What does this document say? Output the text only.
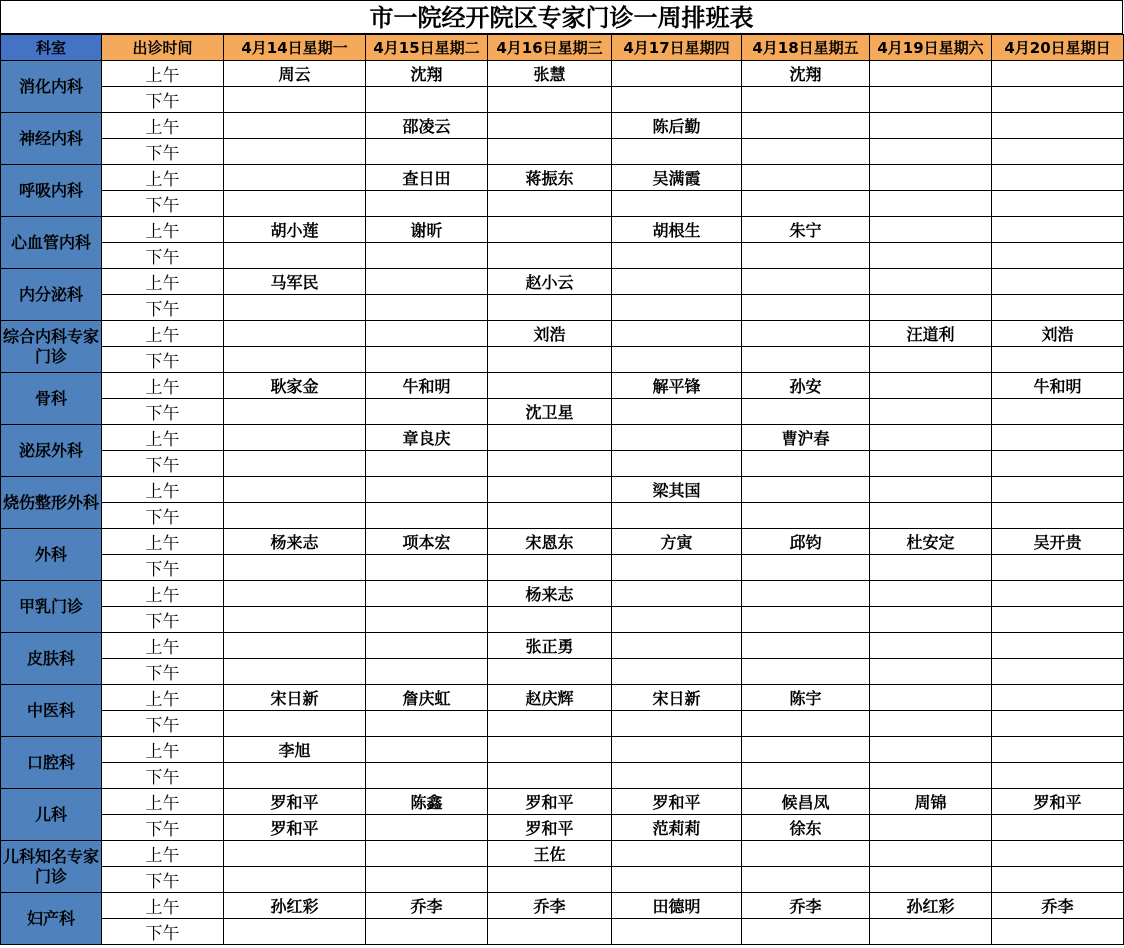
市一院经开院区专家门诊一周排班表
科室	出诊时间	4月14日星期一	4月15日星期二	4月16日星期三	4月17日星期四	4月18日星期五	4月19日星期六	4月20日星期日
消化内科	上午	周云	沈翔	张慧		沈翔		
	下午							
神经内科	上午		邵凌云		陈后勤			
	下午							
呼吸内科	上午		查日田	蒋振东	吴满霞			
	下午							
心血管内科	上午	胡小莲	谢昕		胡根生	朱宁		
	下午							
内分泌科	上午	马军民		赵小云				
	下午							
综合内科专家门诊	上午			刘浩			汪道利	刘浩
	下午							
骨科	上午	耿家金	牛和明		解平锋	孙安		牛和明
	下午			沈卫星				
泌尿外科	上午		章良庆			曹沪春		
	下午							
烧伤整形外科	上午				梁其国			
	下午							
外科	上午	杨来志	项本宏	宋恩东	方寅	邱钧	杜安定	吴开贵
	下午							
甲乳门诊	上午			杨来志				
	下午							
皮肤科	上午			张正勇				
	下午							
中医科	上午	宋日新	詹庆虹	赵庆辉	宋日新	陈宇		
	下午							
口腔科	上午	李旭						
	下午							
儿科	上午	罗和平	陈鑫	罗和平	罗和平	候昌凤	周锦	罗和平
	下午	罗和平		罗和平	范莉莉	徐东		
儿科知名专家门诊	上午			王佐				
	下午							
妇产科	上午	孙红彩	乔李	乔李	田德明	乔李	孙红彩	乔李
	下午							
